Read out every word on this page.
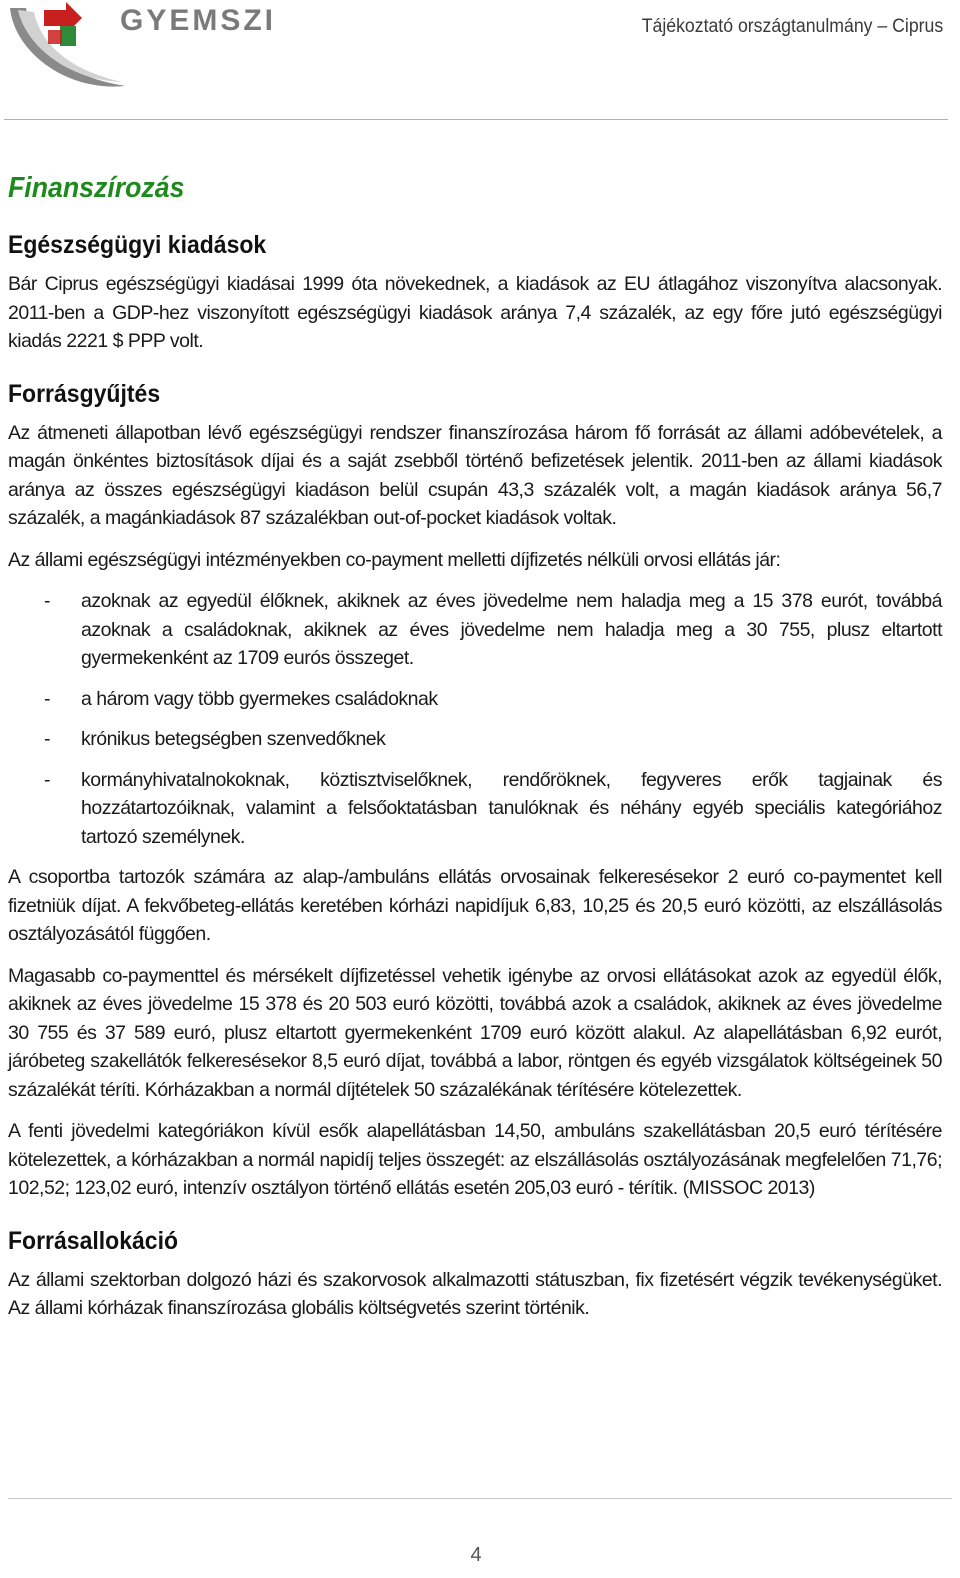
GYEMSZI	Tájékoztató országtanulmány – Ciprus
Finanszírozás
Egészségügyi kiadások

Bár Ciprus egészségügyi kiadásai 1999 óta növekednek, a kiadások az EU átlagához viszonyítva alacsonyak. 2011-ben a GDP-hez viszonyított egészségügyi kiadások aránya 7,4 százalék, az egy főre jutó egészségügyi kiadás 2221 $ PPP volt.

Forrásgyűjtés

Az átmeneti állapotban lévő egészségügyi rendszer finanszírozása három fő forrását az állami adóbevételek, a magán önkéntes biztosítások díjai és a saját zsebből történő befizetések jelentik. 2011-ben az állami kiadások aránya az összes egészségügyi kiadáson belül csupán 43,3 százalék volt, a magán kiadások aránya 56,7 százalék, a magánkiadások 87 százalékban out-of-pocket kiadások voltak.

Az állami egészségügyi intézményekben co-payment melletti díjfizetés nélküli orvosi ellátás jár:

- azoknak az egyedül élőknek, akiknek az éves jövedelme nem haladja meg a 15 378 eurót, továbbá azoknak a családoknak, akiknek az éves jövedelme nem haladja meg a 30 755, plusz eltartott gyermekenként az 1709 eurós összeget.
- a három vagy több gyermekes családoknak
- krónikus betegségben szenvedőknek
- kormányhivatalnokoknak, köztisztviselőknek, rendőröknek, fegyveres erők tagjainak és hozzátartozóiknak, valamint a felsőoktatásban tanulóknak és néhány egyéb speciális kategóriához tartozó személynek.

A csoportba tartozók számára az alap-/ambuláns ellátás orvosainak felkeresésekor 2 euró co-paymentet kell fizetniük díjat. A fekvőbeteg-ellátás keretében kórházi napidíjuk 6,83, 10,25 és 20,5 euró közötti, az elszállásolás osztályozásától függően.

Magasabb co-paymenttel és mérsékelt díjfizetéssel vehetik igénybe az orvosi ellátásokat azok az egyedül élők, akiknek az éves jövedelme 15 378 és 20 503 euró közötti, továbbá azok a családok, akiknek az éves jövedelme 30 755 és 37 589 euró, plusz eltartott gyermekenként 1709 euró között alakul. Az alapellátásban 6,92 eurót, járóbeteg szakellátók felkeresésekor 8,5 euró díjat, továbbá a labor, röntgen és egyéb vizsgálatok költségeinek 50 százalékát téríti. Kórházakban a normál díjtételek 50 százalékának térítésére kötelezettek.

A fenti jövedelmi kategóriákon kívül esők alapellátásban 14,50, ambuláns szakellátásban 20,5 euró térítésére kötelezettek, a kórházakban a normál napidíj teljes összegét: az elszállásolás osztályozásának megfelelően 71,76; 102,52; 123,02 euró, intenzív osztályon történő ellátás esetén 205,03 euró - térítik. (MISSOC 2013)

Forrásallokáció

Az állami szektorban dolgozó házi és szakorvosok alkalmazotti státuszban, fix fizetésért végzik tevékenységüket. Az állami kórházak finanszírozása globális költségvetés szerint történik.

4
